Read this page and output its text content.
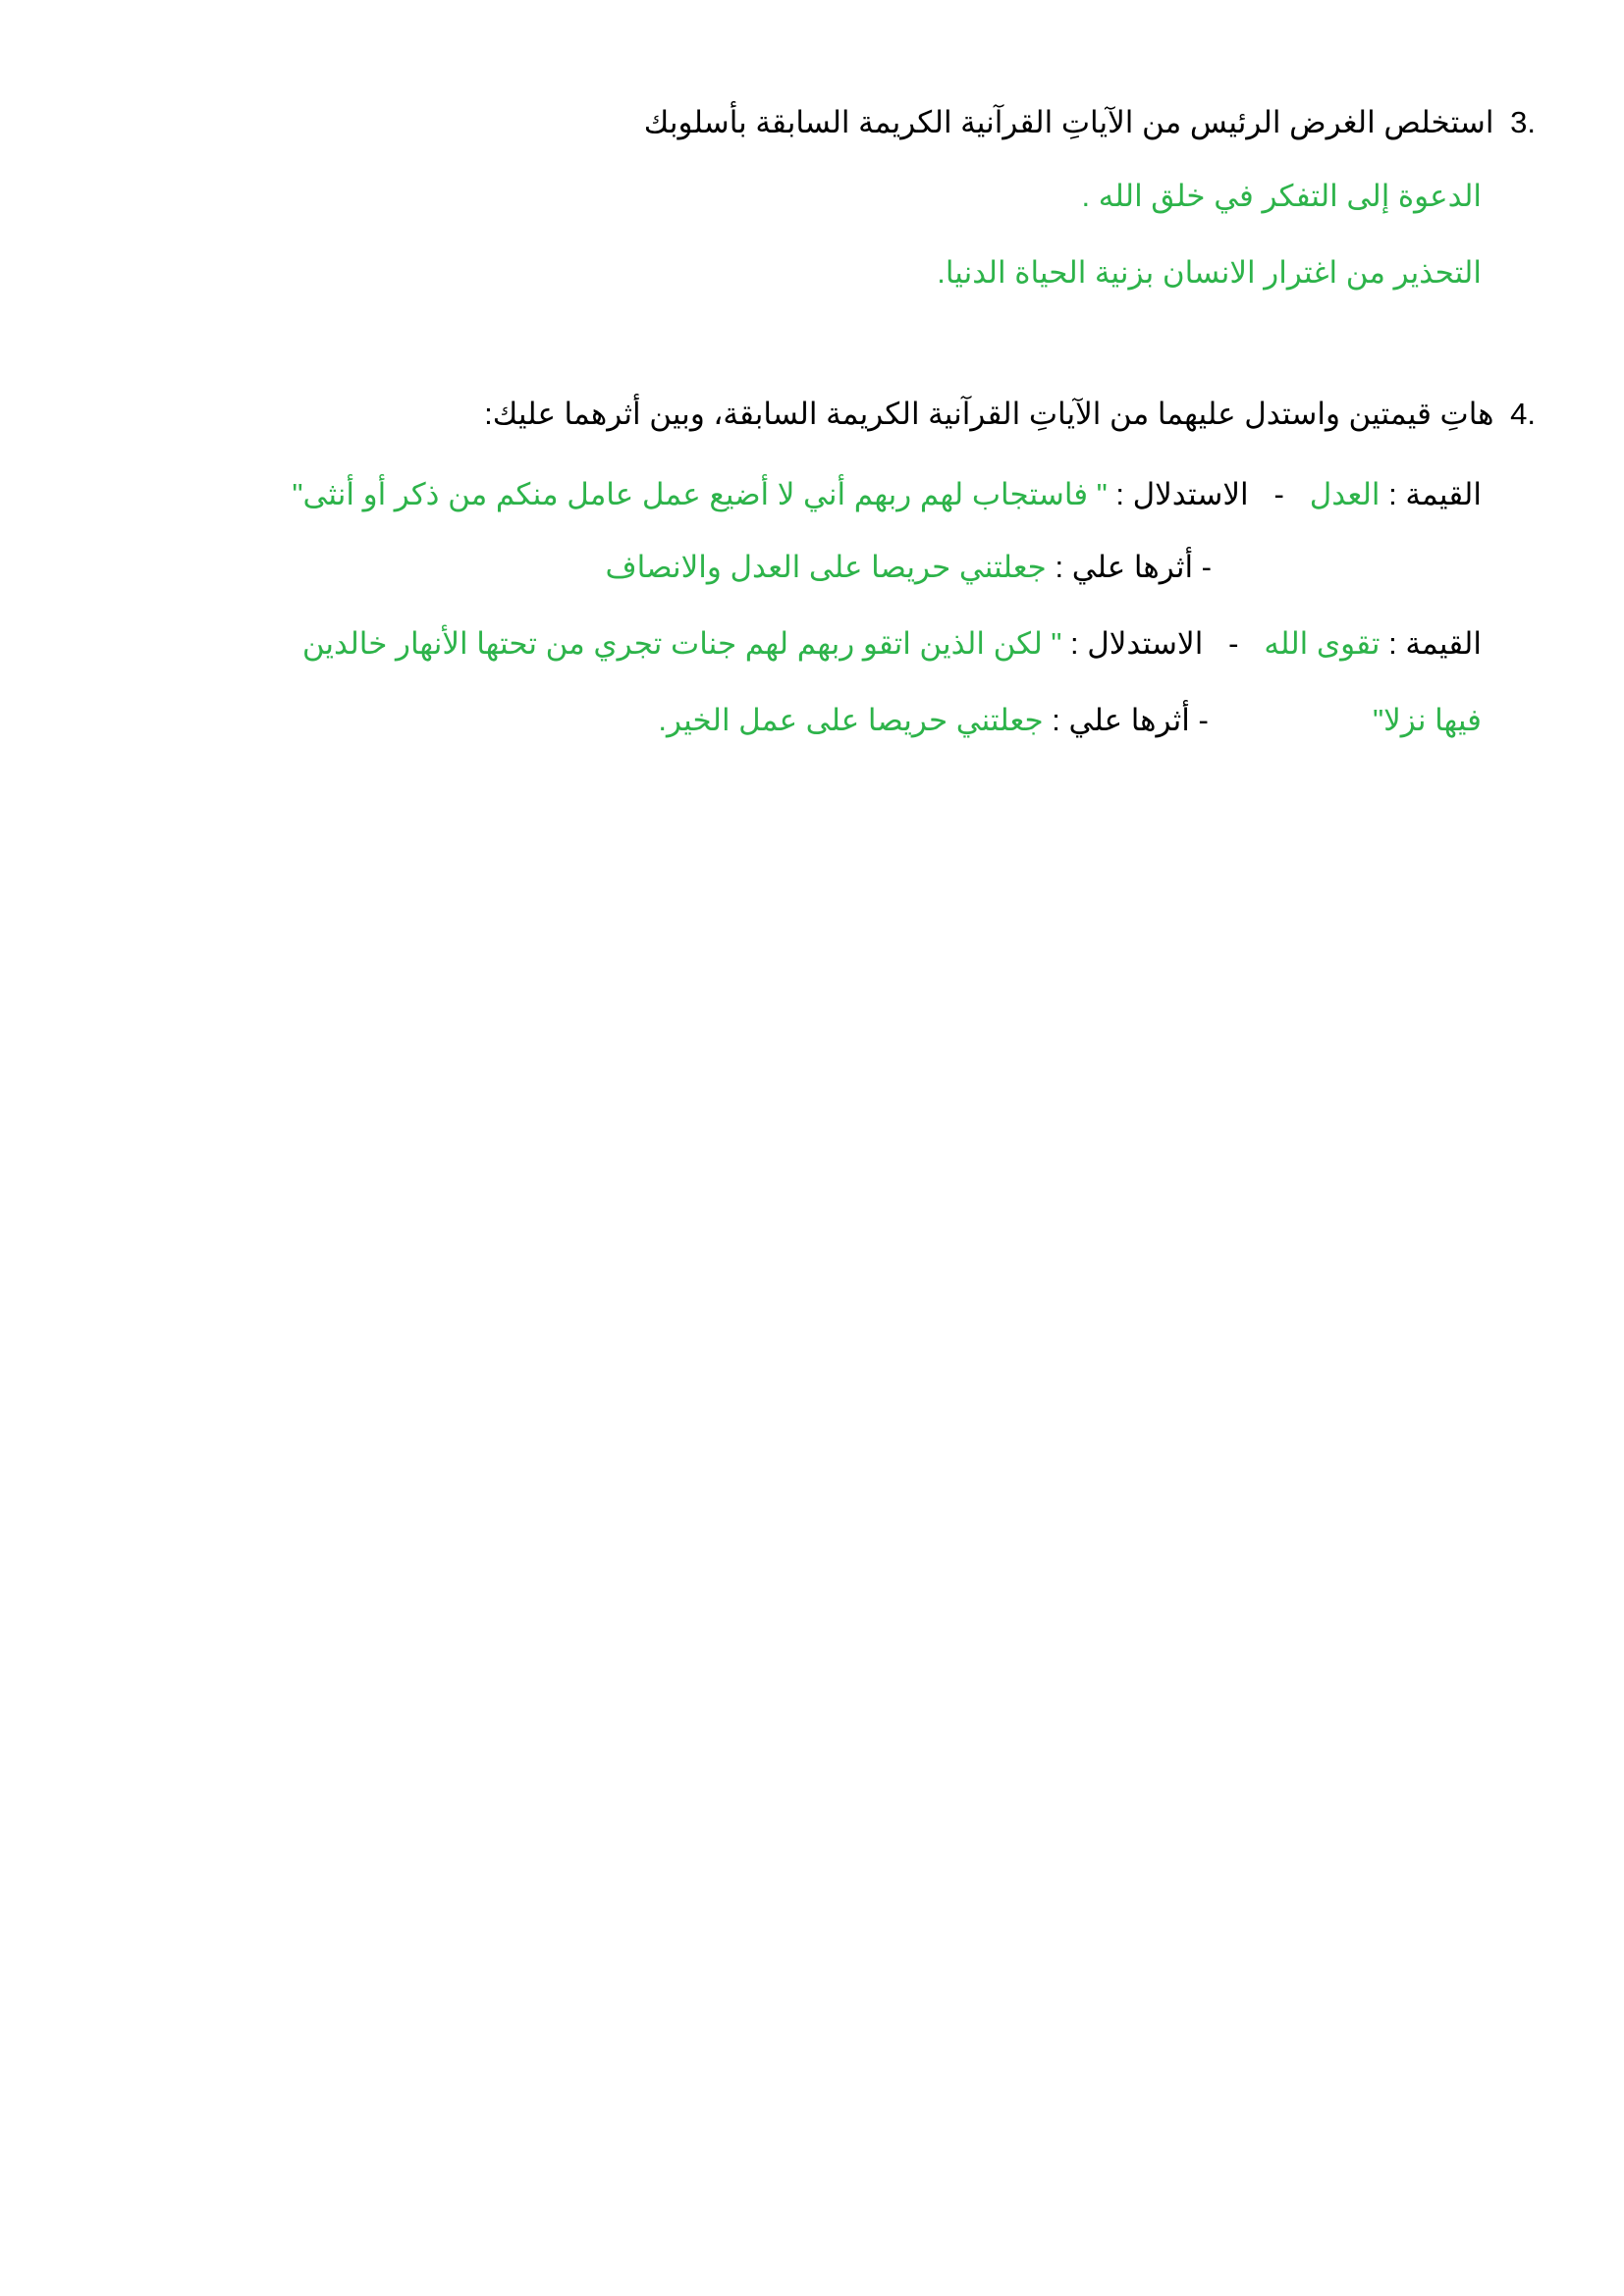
3. استخلص الغرض الرئيس من الآياتِ القرآنية الكريمة السابقة بأسلوبك
الدعوة إلى التفكر في خلق الله .
التحذير من اغترار الانسان بزنية الحياة الدنيا.
4. هاتِ قيمتين واستدل عليهما من الآياتِ القرآنية الكريمة السابقة، وبين أثرهما عليك:
القيمة : العدل   -   الاستدلال : " فاستجاب لهم ربهم أني لا أضيع عمل عامل منكم من ذكر أو أنثى"
- أثرها علي : جعلتني حريصا على العدل والانصاف
القيمة : تقوى الله   -   الاستدلال : " لكن الذين اتقو ربهم لهم جنات تجري من تحتها الأنهار خالدين
فيها نزلا"  - أثرها علي : جعلتني حريصا على عمل الخير.
